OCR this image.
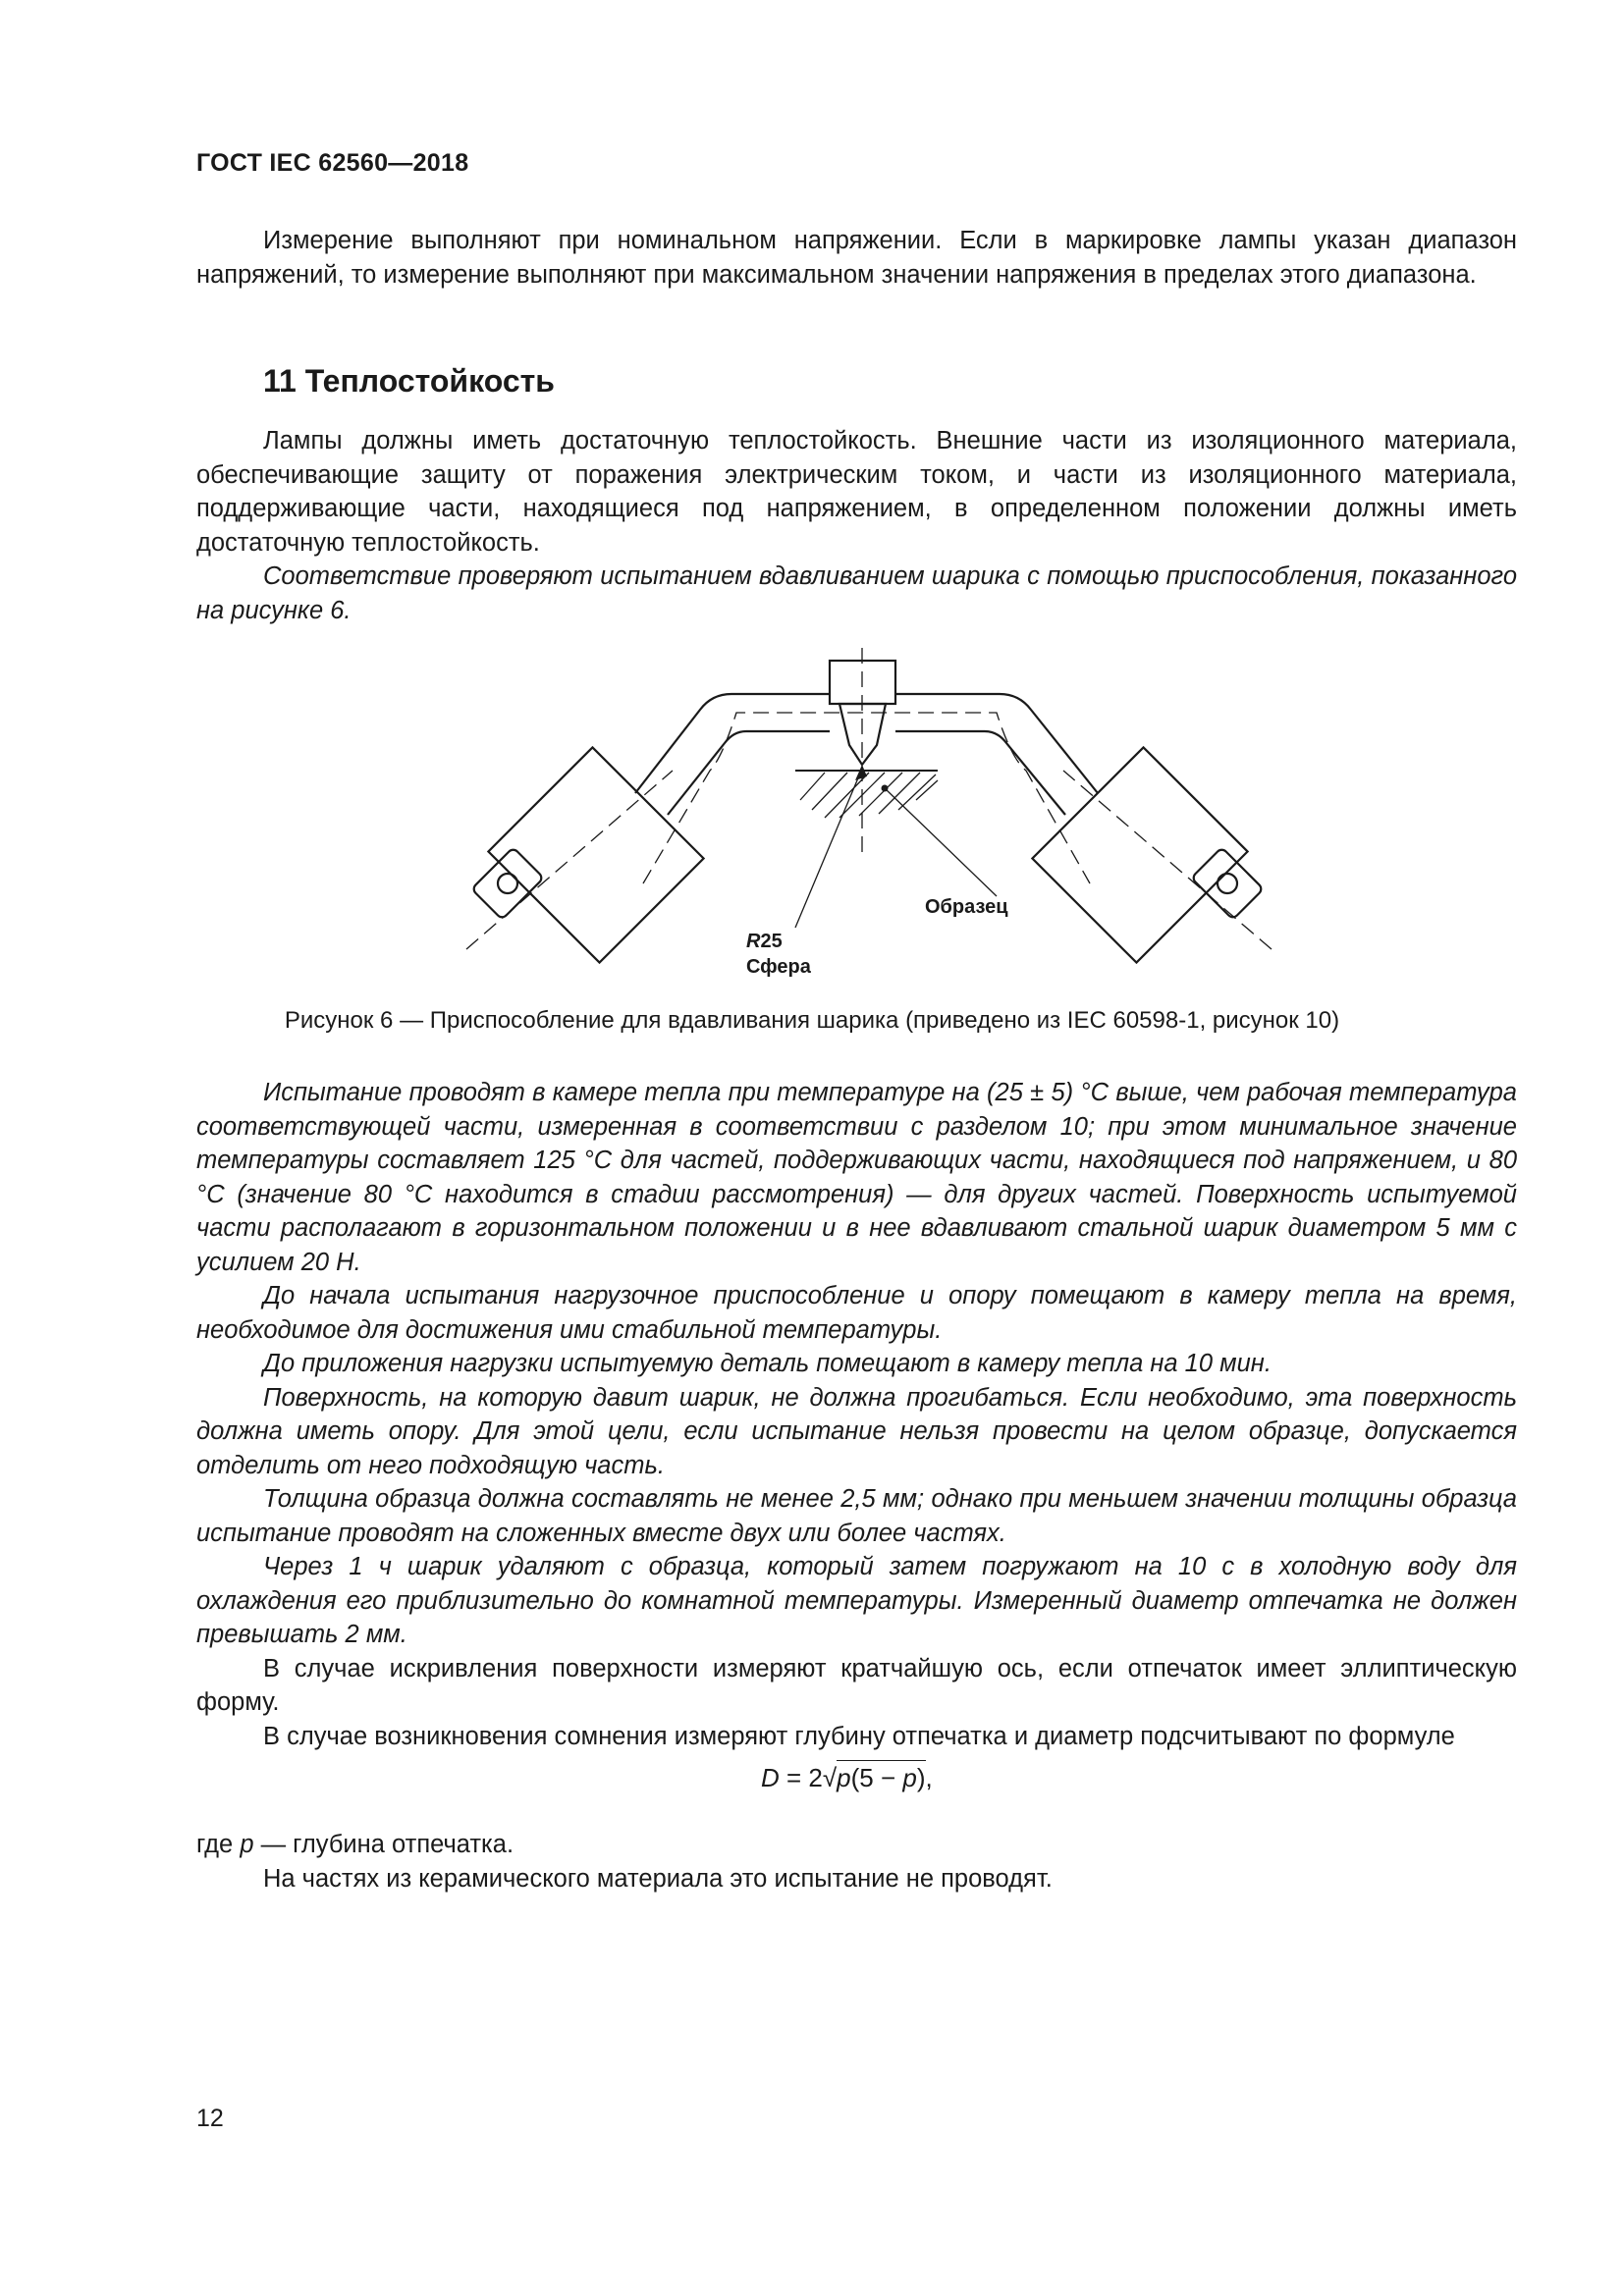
ГОСТ IEC 62560—2018

Измерение выполняют при номинальном напряжении. Если в маркировке лампы указан диапазон напряжений, то измерение выполняют при максимальном значении напряжения в пределах этого диапазона.

11 Теплостойкость

Лампы должны иметь достаточную теплостойкость. Внешние части из изоляционного материала, обеспечивающие защиту от поражения электрическим током, и части из изоляционного материала, поддерживающие части, находящиеся под напряжением, в определенном положении должны иметь достаточную теплостойкость.

Соответствие проверяют испытанием вдавливанием шарика с помощью приспособления, показанного на рисунке 6.

Образец
R25
Сфера
Рисунок 6 — Приспособление для вдавливания шарика (приведено из IEC 60598-1, рисунок 10)

Испытание проводят в камере тепла при температуре на (25 ± 5) °С выше, чем рабочая температура соответствующей части, измеренная в соответствии с разделом 10; при этом минимальное значение температуры составляет 125 °С для частей, поддерживающих части, находящиеся под напряжением, и 80 °С (значение 80 °С находится в стадии рассмотрения) — для других частей. Поверхность испытуемой части располагают в горизонтальном положении и в нее вдавливают стальной шарик диаметром 5 мм с усилием 20 Н.

До начала испытания нагрузочное приспособление и опору помещают в камеру тепла на время, необходимое для достижения ими стабильной температуры.

До приложения нагрузки испытуемую деталь помещают в камеру тепла на 10 мин.

Поверхность, на которую давит шарик, не должна прогибаться. Если необходимо, эта поверхность должна иметь опору. Для этой цели, если испытание нельзя провести на целом образце, допускается отделить от него подходящую часть.

Толщина образца должна составлять не менее 2,5 мм; однако при меньшем значении толщины образца испытание проводят на сложенных вместе двух или более частях.

Через 1 ч шарик удаляют с образца, который затем погружают на 10 с в холодную воду для охлаждения его приблизительно до комнатной температуры. Измеренный диаметр отпечатка не должен превышать 2 мм.

В случае искривления поверхности измеряют кратчайшую ось, если отпечаток имеет эллиптическую форму.

В случае возникновения сомнения измеряют глубину отпечатка и диаметр подсчитывают по формуле

D = 2√p(5 − p),

где p — глубина отпечатка.

На частях из керамического материала это испытание не проводят.

12
